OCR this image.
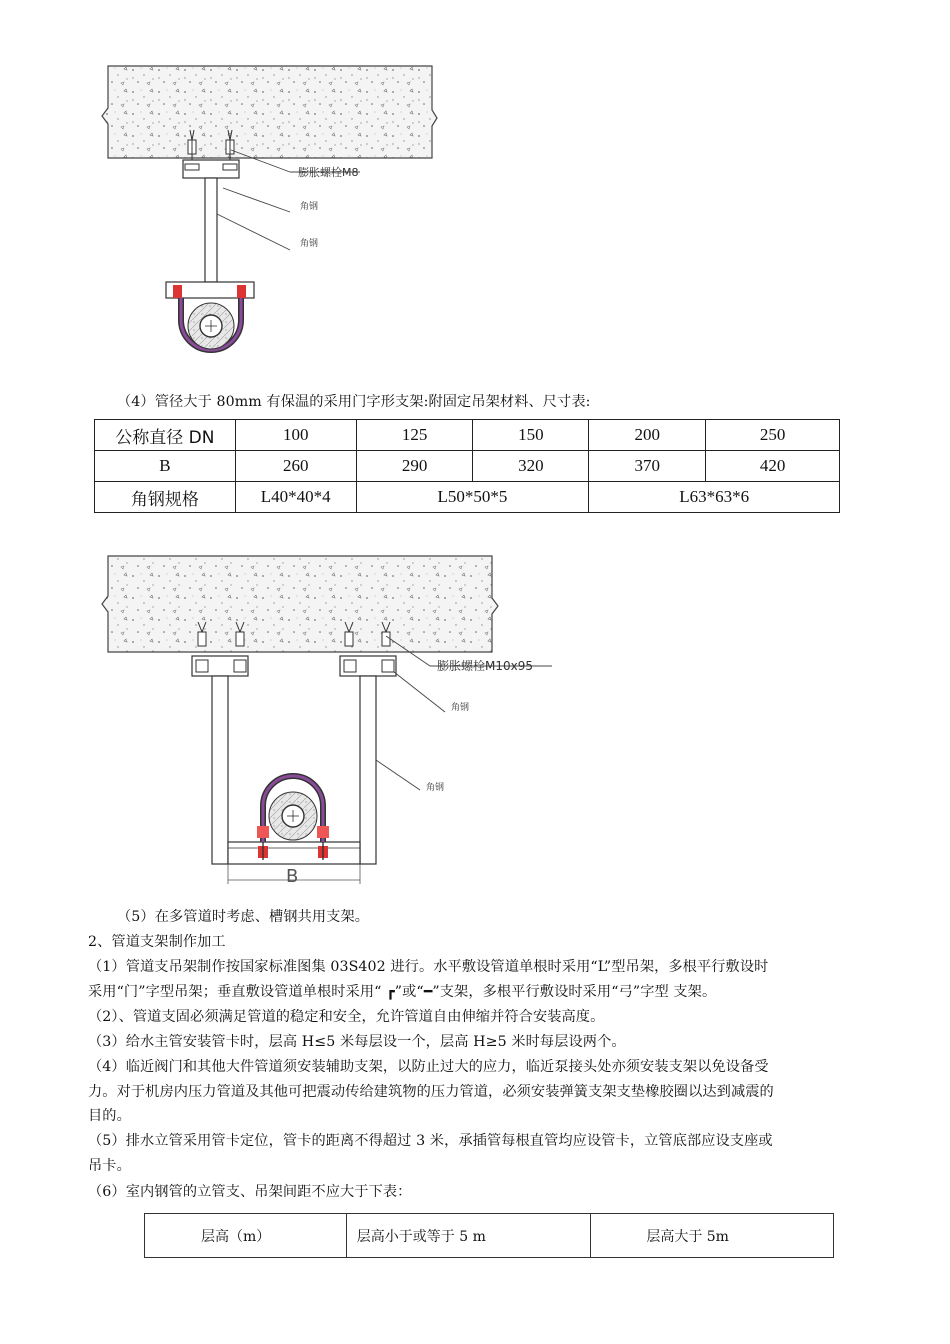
膨胀螺栓M8
角钢
角钢
（4）管径大于 80mm 有保温的采用门字形支架:附固定吊架材料、尺寸表:
公称直径 DN	100	125	150	200	250
B	260	290	320	370	420
角钢规格	L40*40*4	L50*50*5		L63*63*6	
B
膨胀螺栓M10x95
角钢
角钢
（5）在多管道时考虑、槽钢共用支架。
2、管道支架制作加工
（1）管道支吊架制作按国家标准图集 03S402 进行。水平敷设管道单根时采用“L”型吊架，多根平行敷设时
采用“门”字型吊架；垂直敷设管道单根时采用“ ┏”或“━”支架，多根平行敷设时采用“弓”字型 支架。
（2）、管道支固必须满足管道的稳定和安全，允许管道自由伸缩并符合安装高度。
（3）给水主管安装管卡时，层高 H≤5 米每层设一个，层高 H≥5 米时每层设两个。
（4）临近阀门和其他大件管道须安装辅助支架，以防止过大的应力，临近泵接头处亦须安装支架以免设备受
力。对于机房内压力管道及其他可把震动传给建筑物的压力管道，必须安装弹簧支架支垫橡胶圈以达到减震的
目的。
（5）排水立管采用管卡定位，管卡的距离不得超过 3 米，承插管每根直管均应设管卡，立管底部应设支座或
吊卡。
（6）室内钢管的立管支、吊架间距不应大于下表：
层高（m）	层高小于或等于 5 m	层高大于 5m
